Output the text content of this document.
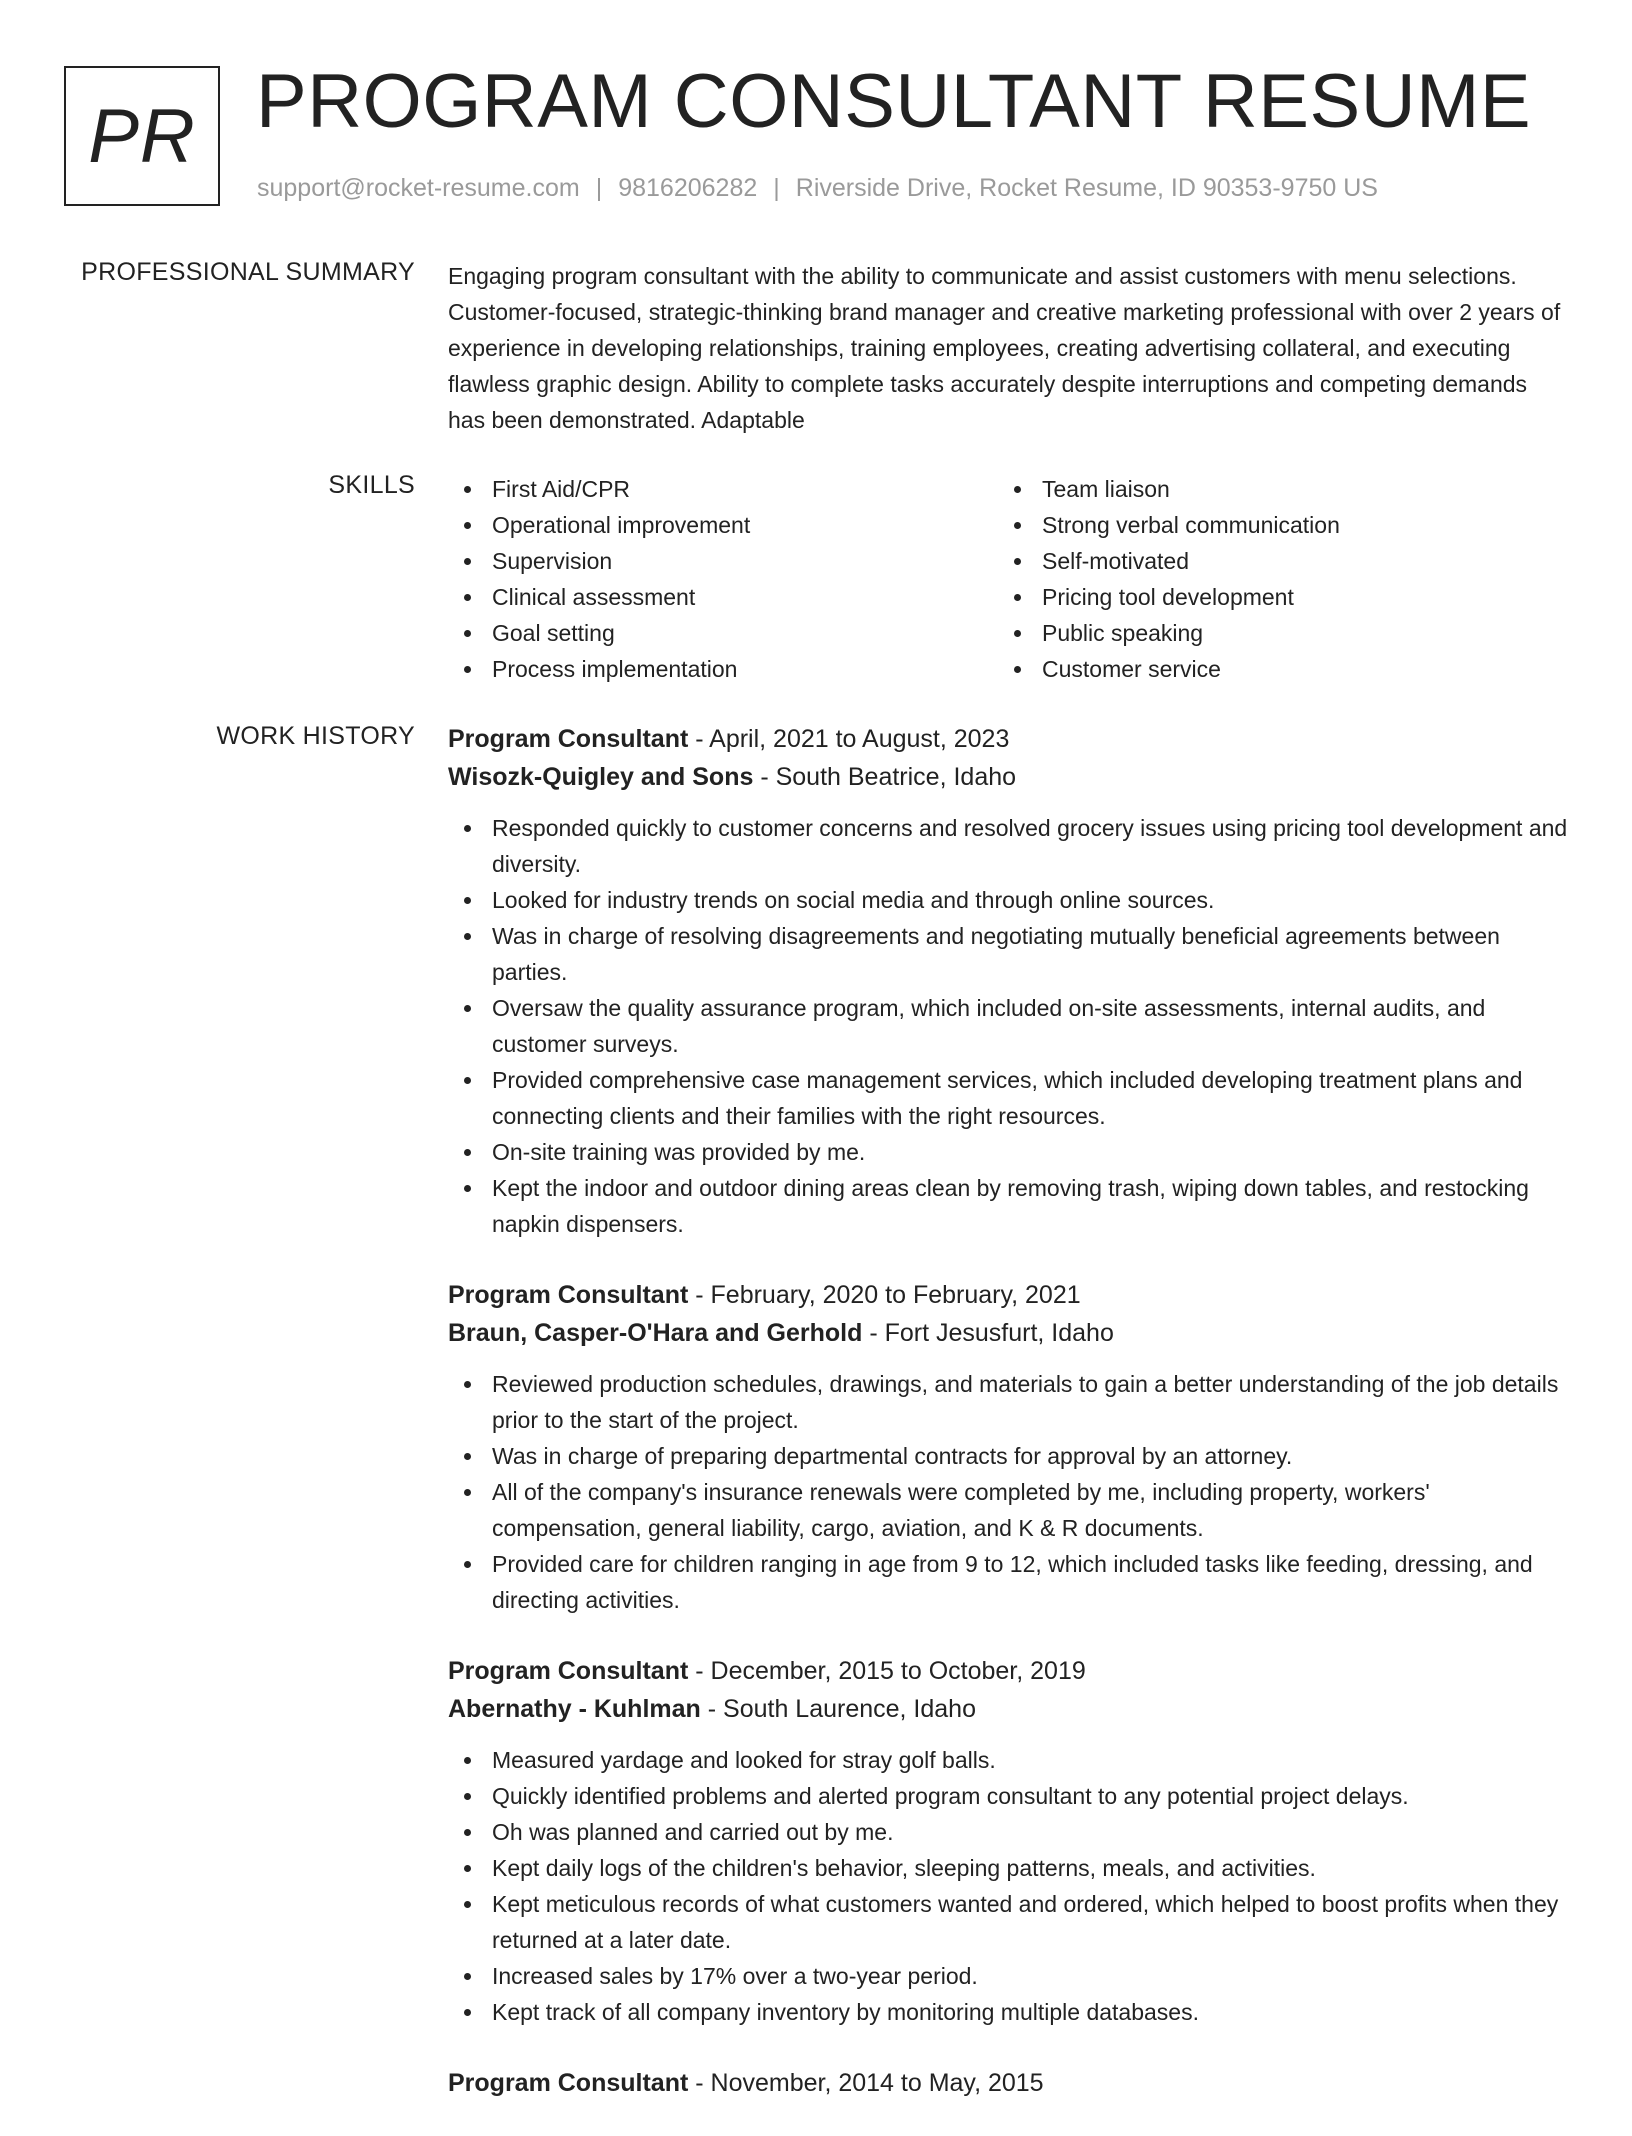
PR PROGRAM CONSULTANT RESUME
support@rocket-resume.com | 9816206282 | Riverside Drive, Rocket Resume, ID 90353-9750 US
PROFESSIONAL SUMMARY Engaging program consultant with the ability to communicate and assist customers with menu selections. Customer-focused, strategic-thinking brand manager and creative marketing professional with over 2 years of experience in developing relationships, training employees, creating advertising collateral, and executing flawless graphic design. Ability to complete tasks accurately despite interruptions and competing demands has been demonstrated. Adaptable

SKILLS	First Aid/CPR
Operational improvement
Supervision
Clinical assessment
Goal setting
Process implementation
Team liaison
Strong verbal communication
Self-motivated
Pricing tool development
Public speaking
Customer service
WORK HISTORY Program Consultant - April, 2021 to August, 2023
Wisozk-Quigley and Sons - South Beatrice, Idaho
Responded quickly to customer concerns and resolved grocery issues using pricing tool development and diversity.
Looked for industry trends on social media and through online sources.
Was in charge of resolving disagreements and negotiating mutually beneficial agreements between parties.
Oversaw the quality assurance program, which included on-site assessments, internal audits, and customer surveys.
Provided comprehensive case management services, which included developing treatment plans and connecting clients and their families with the right resources.
On-site training was provided by me.
Kept the indoor and outdoor dining areas clean by removing trash, wiping down tables, and restocking napkin dispensers.
Program Consultant - February, 2020 to February, 2021
Braun, Casper-O'Hara and Gerhold - Fort Jesusfurt, Idaho
Reviewed production schedules, drawings, and materials to gain a better understanding of the job details prior to the start of the project.
Was in charge of preparing departmental contracts for approval by an attorney.
All of the company's insurance renewals were completed by me, including property, workers' compensation, general liability, cargo, aviation, and K & R documents.
Provided care for children ranging in age from 9 to 12, which included tasks like feeding, dressing, and directing activities.
Program Consultant - December, 2015 to October, 2019
Abernathy - Kuhlman - South Laurence, Idaho
Measured yardage and looked for stray golf balls.
Quickly identified problems and alerted program consultant to any potential project delays.
Oh was planned and carried out by me.
Kept daily logs of the children's behavior, sleeping patterns, meals, and activities.
Kept meticulous records of what customers wanted and ordered, which helped to boost profits when they returned at a later date.
Increased sales by 17% over a two-year period.
Kept track of all company inventory by monitoring multiple databases.
Program Consultant - November, 2014 to May, 2015
